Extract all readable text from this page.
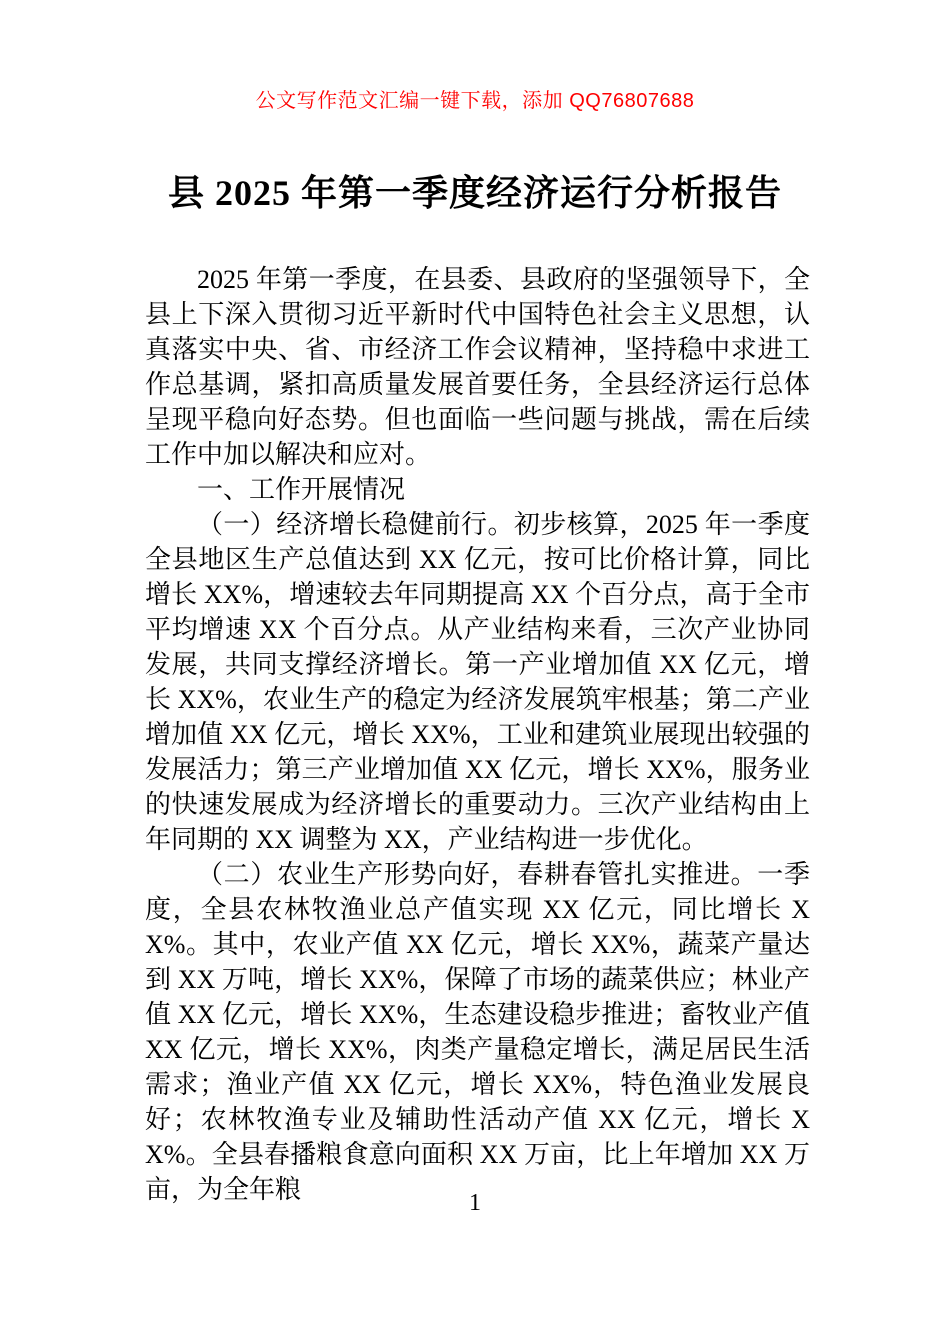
公文写作范文汇编一键下载，添加 QQ76807688
县 2025 年第一季度经济运行分析报告

2025 年第一季度，在县委、县政府的坚强领导下，全县上下深入贯彻习近平新时代中国特色社会主义思想，认真落实中央、省、市经济工作会议精神，坚持稳中求进工作总基调，紧扣高质量发展首要任务，全县经济运行总体呈现平稳向好态势。但也面临一些问题与挑战，需在后续工作中加以解决和应对。

一、工作开展情况

（一）经济增长稳健前行。初步核算，2025 年一季度全县地区生产总值达到 XX 亿元，按可比价格计算，同比增长 XX%，增速较去年同期提高 XX 个百分点，高于全市平均增速 XX 个百分点。从产业结构来看，三次产业协同发展，共同支撑经济增长。第一产业增加值 XX 亿元，增长 XX%，农业生产的稳定为经济发展筑牢根基；第二产业增加值 XX 亿元，增长 XX%，工业和建筑业展现出较强的发展活力；第三产业增加值 XX 亿元，增长 XX%，服务业的快速发展成为经济增长的重要动力。三次产业结构由上年同期的 XX 调整为 XX，产业结构进一步优化。

（二）农业生产形势向好，春耕春管扎实推进。一季度，全县农林牧渔业总产值实现 XX 亿元，同比增长 XX%。其中，农业产值 XX 亿元，增长 XX%，蔬菜产量达到 XX 万吨，增长 XX%，保障了市场的蔬菜供应；林业产值 XX 亿元，增长 XX%，生态建设稳步推进；畜牧业产值 XX 亿元，增长 XX%，肉类产量稳定增长，满足居民生活需求；渔业产值 XX 亿元，增长 XX%，特色渔业发展良好；农林牧渔专业及辅助性活动产值 XX 亿元，增长 XX%。全县春播粮食意向面积 XX 万亩，比上年增加 XX 万亩，为全年粮	1
